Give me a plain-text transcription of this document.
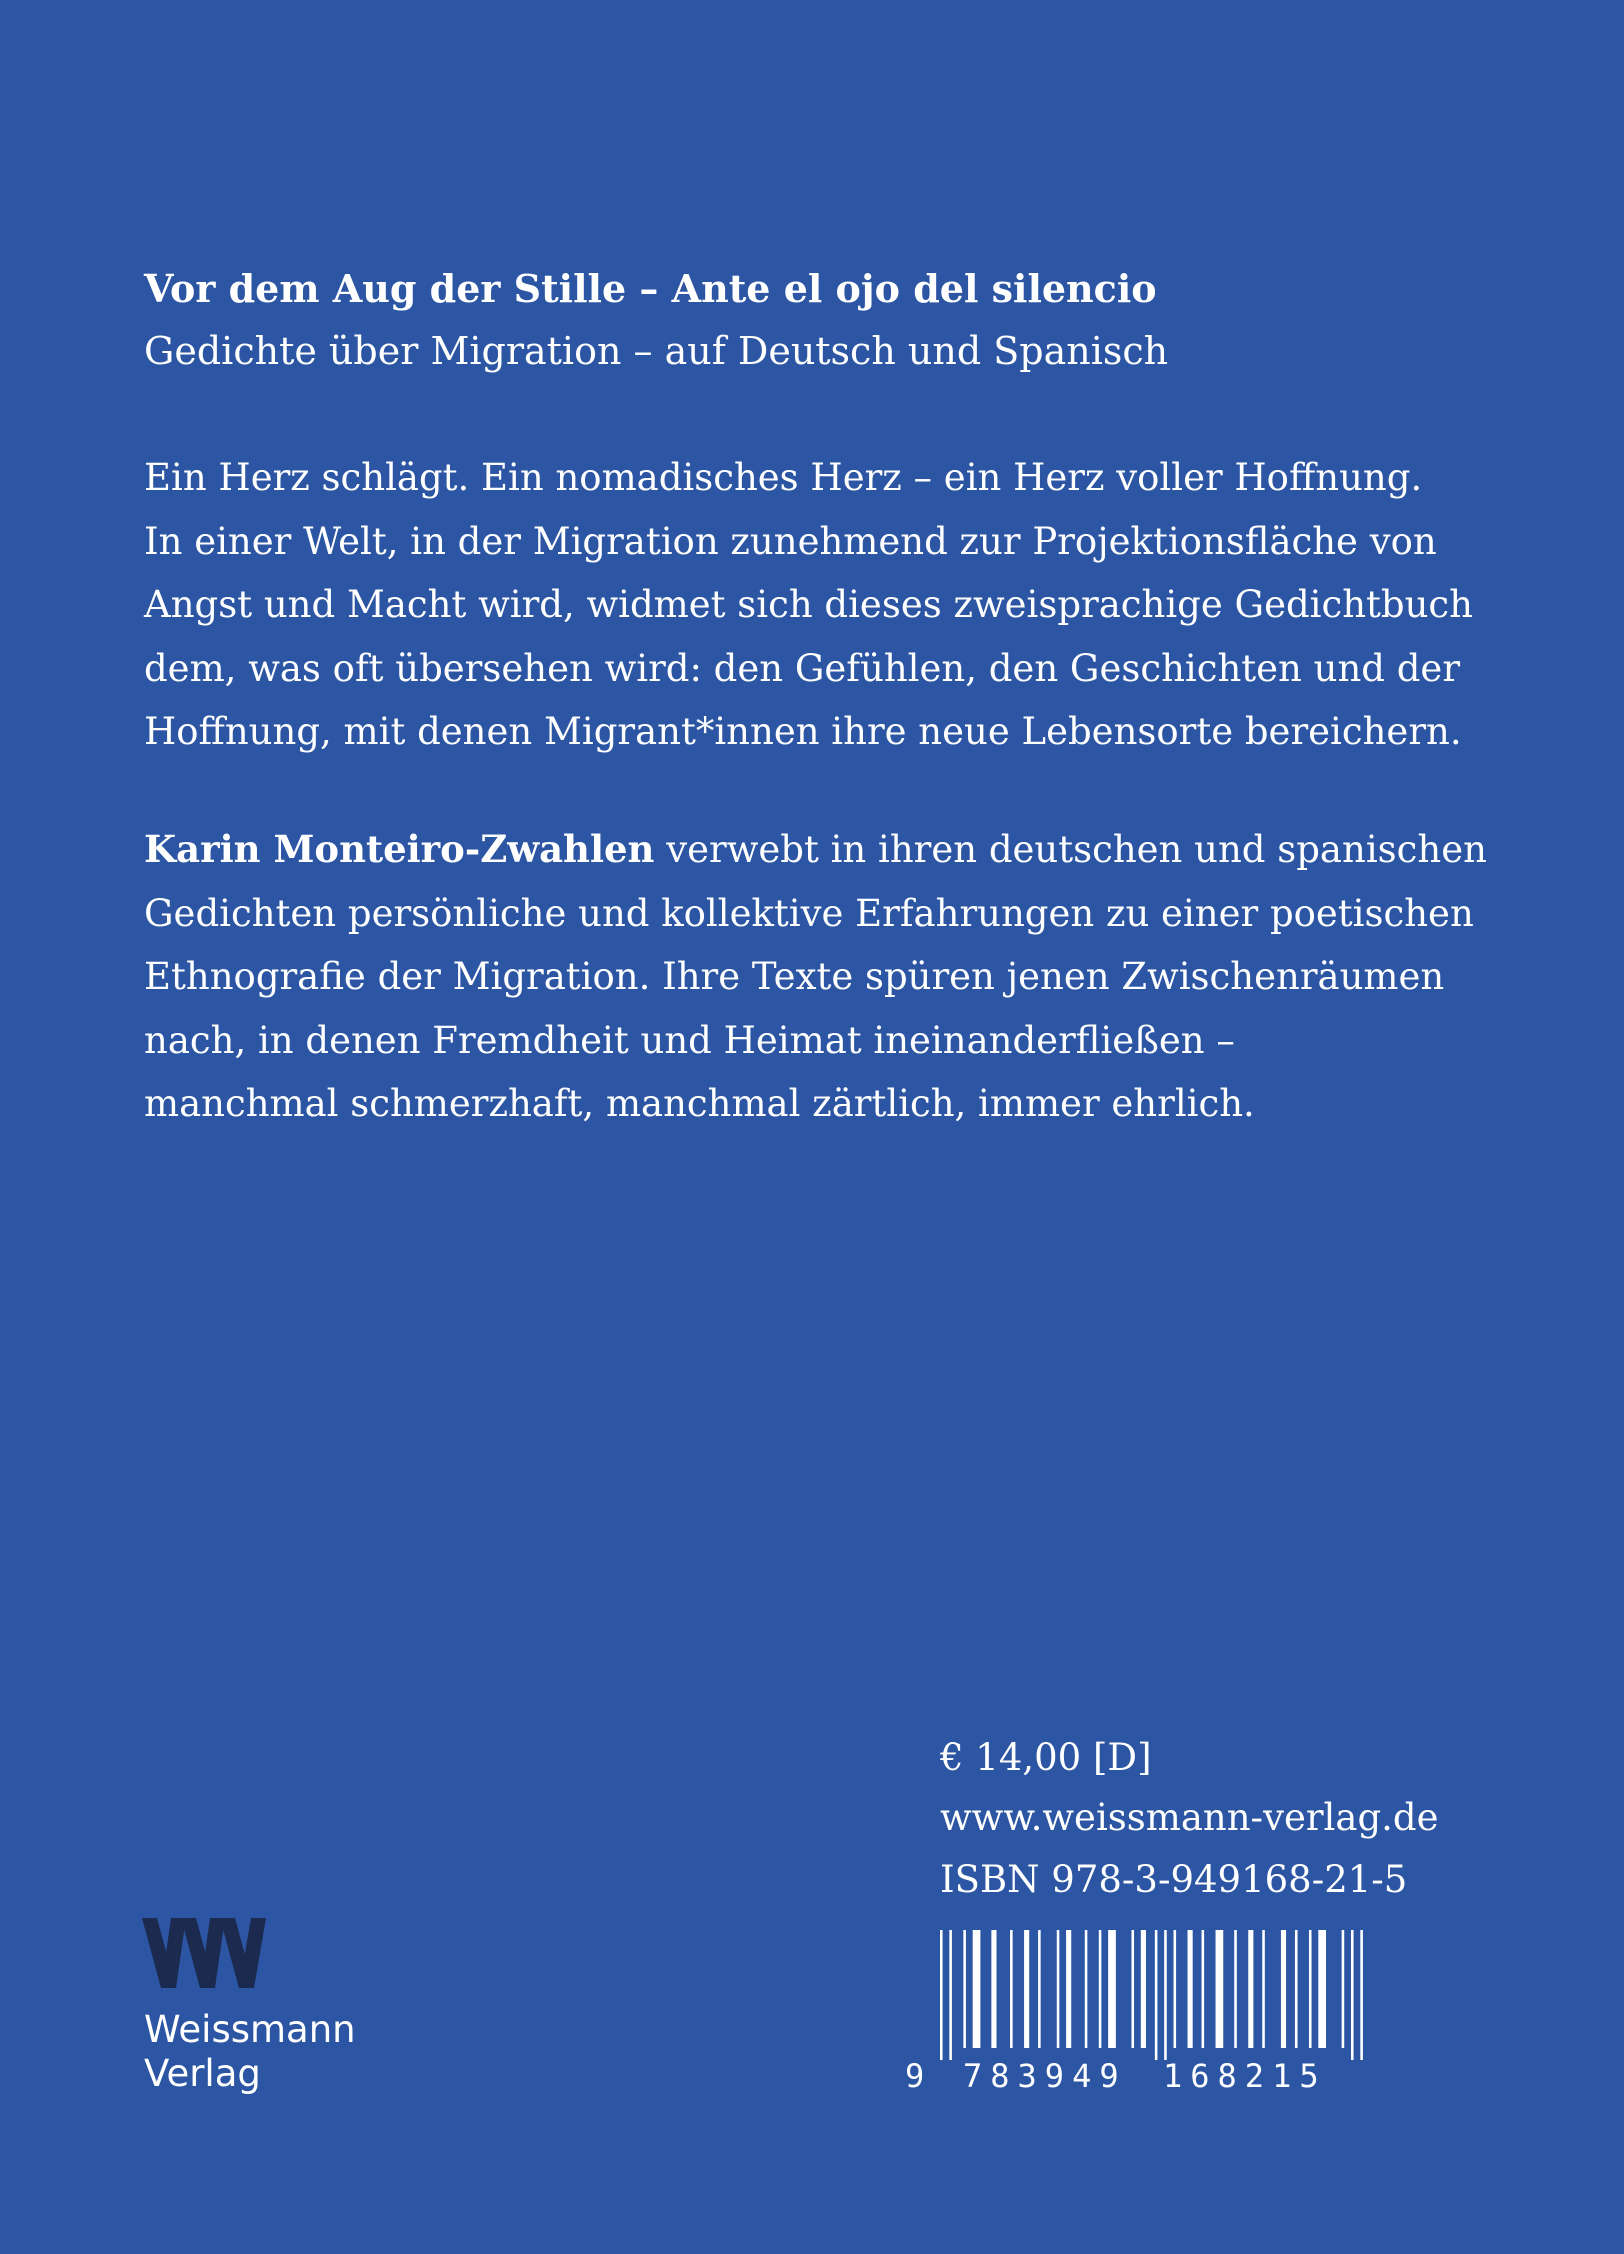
Vor dem Aug der Stille – Ante el ojo del silencio
Gedichte über Migration – auf Deutsch und Spanisch
Ein Herz schlägt. Ein nomadisches Herz – ein Herz voller Hoffnung.
In einer Welt, in der Migration zunehmend zur Projektionsfläche von
Angst und Macht wird, widmet sich dieses zweisprachige Gedichtbuch
dem, was oft übersehen wird: den Gefühlen, den Geschichten und der
Hoffnung, mit denen Migrant*innen ihre neue Lebensorte bereichern.
Karin Monteiro-Zwahlen verwebt in ihren deutschen und spanischen
Gedichten persönliche und kollektive Erfahrungen zu einer poetischen
Ethnografie der Migration. Ihre Texte spüren jenen Zwischenräumen
nach, in denen Fremdheit und Heimat ineinanderfließen –
manchmal schmerzhaft, manchmal zärtlich, immer ehrlich.
€ 14,00 [D]
www.weissmann-verlag.de
ISBN 978-3-949168-21-5
9 783949 168215
Weissmann
Verlag
